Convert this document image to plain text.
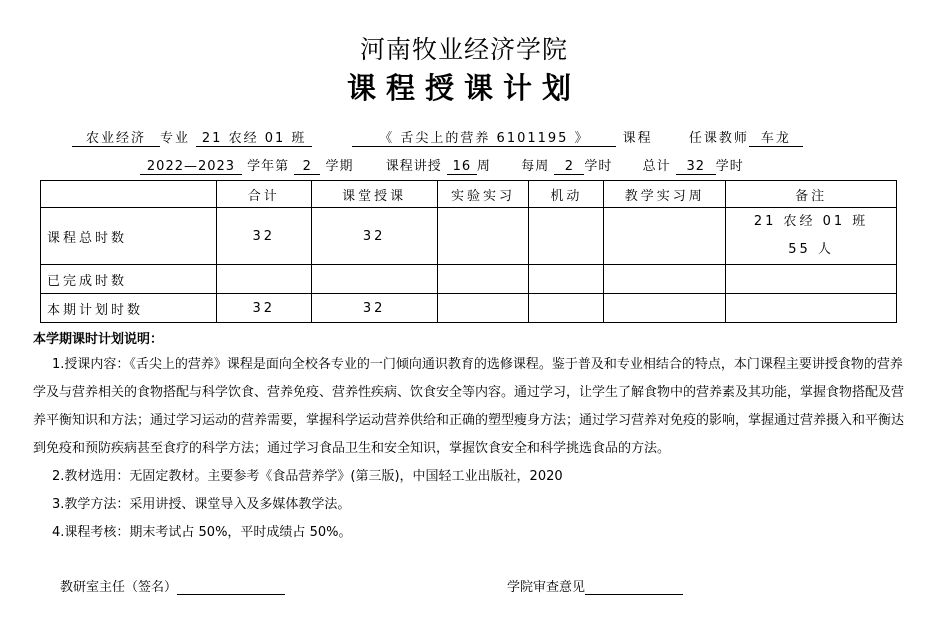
河南牧业经济学院
课程授课计划
农业经济 专业 21 农经 01 班	《 舌尖上的营养 6101195 》	课程	任课教师 车龙
2022—2023 学年第 2 学期 课程讲授 16 周 每周 2 学时 总计 32 学时
	合计	课堂授课	实验实习	机动	教学实习周	备注
课程总时数	32	32				21 农经 01 班
55 人

已完成时数						
本期计划时数	32	32				
本学期课时计划说明：

1.授课内容：《舌尖上的营养》课程是面向全校各专业的一门倾向通识教育的选修课程。鉴于普及和专业相结合的特点，本门课程主要讲授食物的营养学及与营养相关的食物搭配与科学饮食、营养免疫、营养性疾病、饮食安全等内容。通过学习，让学生了解食物中的营养素及其功能，掌握食物搭配及营养平衡知识和方法；通过学习运动的营养需要，掌握科学运动营养供给和正确的塑型瘦身方法；通过学习营养对免疫的影响，掌握通过营养摄入和平衡达到免疫和预防疾病甚至食疗的科学方法；通过学习食品卫生和安全知识，掌握饮食安全和科学挑选食品的方法。

2.教材选用：无固定教材。主要参考《食品营养学》(第三版)，中国轻工业出版社，2020

3.教学方法：采用讲授、课堂导入及多媒体教学法。

4.课程考核：期末考试占 50%，平时成绩占 50%。

教研室主任（签名）	学院审查意见
